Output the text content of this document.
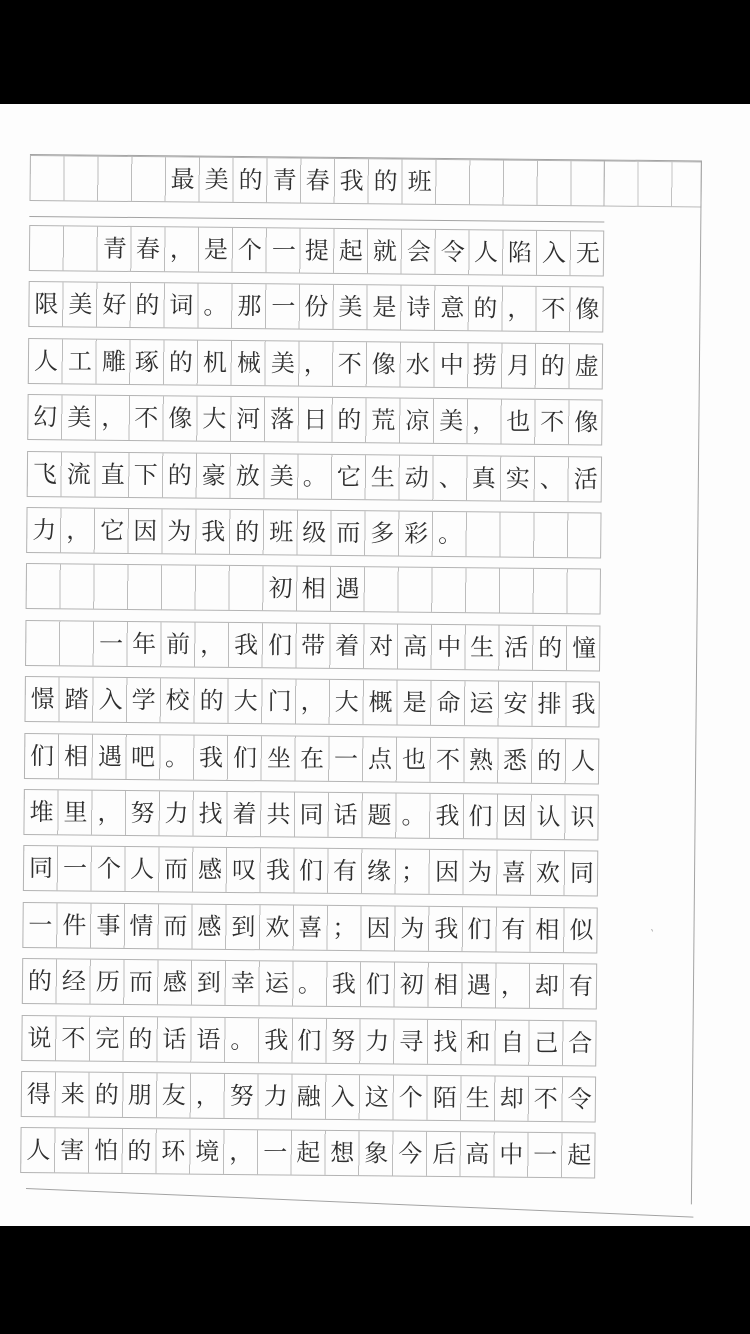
`
最 美 的 青 春 我 的 班
青 春 ， 是 个 一 提 起 就 会 令 人 陷 入 无
限 美 好 的 词 。 那 一 份 美 是 诗 意 的 ， 不 像
人 工 雕 琢 的 机 械 美 ， 不 像 水 中 捞 月 的 虚
幻 美 ， 不 像 大 河 落 日 的 荒 凉 美 ， 也 不 像
飞 流 直 下 的 豪 放 美 。 它 生 动 、 真 实 、 活
力 ， 它 因 为 我 的 班 级 而 多 彩 。
初 相 遇
一 年 前 ， 我 们 带 着 对 高 中 生 活 的 憧
憬 踏 入 学 校 的 大 门 ， 大 概 是 命 运 安 排 我
们 相 遇 吧 。 我 们 坐 在 一 点 也 不 熟 悉 的 人
堆 里 ， 努 力 找 着 共 同 话 题 。 我 们 因 认 识
同 一 个 人 而 感 叹 我 们 有 缘 ； 因 为 喜 欢 同
一 件 事 情 而 感 到 欢 喜 ； 因 为 我 们 有 相 似
的 经 历 而 感 到 幸 运 。 我 们 初 相 遇 ， 却 有
说 不 完 的 话 语 。 我 们 努 力 寻 找 和 自 己 合
得 来 的 朋 友 ， 努 力 融 入 这 个 陌 生 却 不 令
人 害 怕 的 环 境 ， 一 起 想 象 今 后 高 中 一 起
